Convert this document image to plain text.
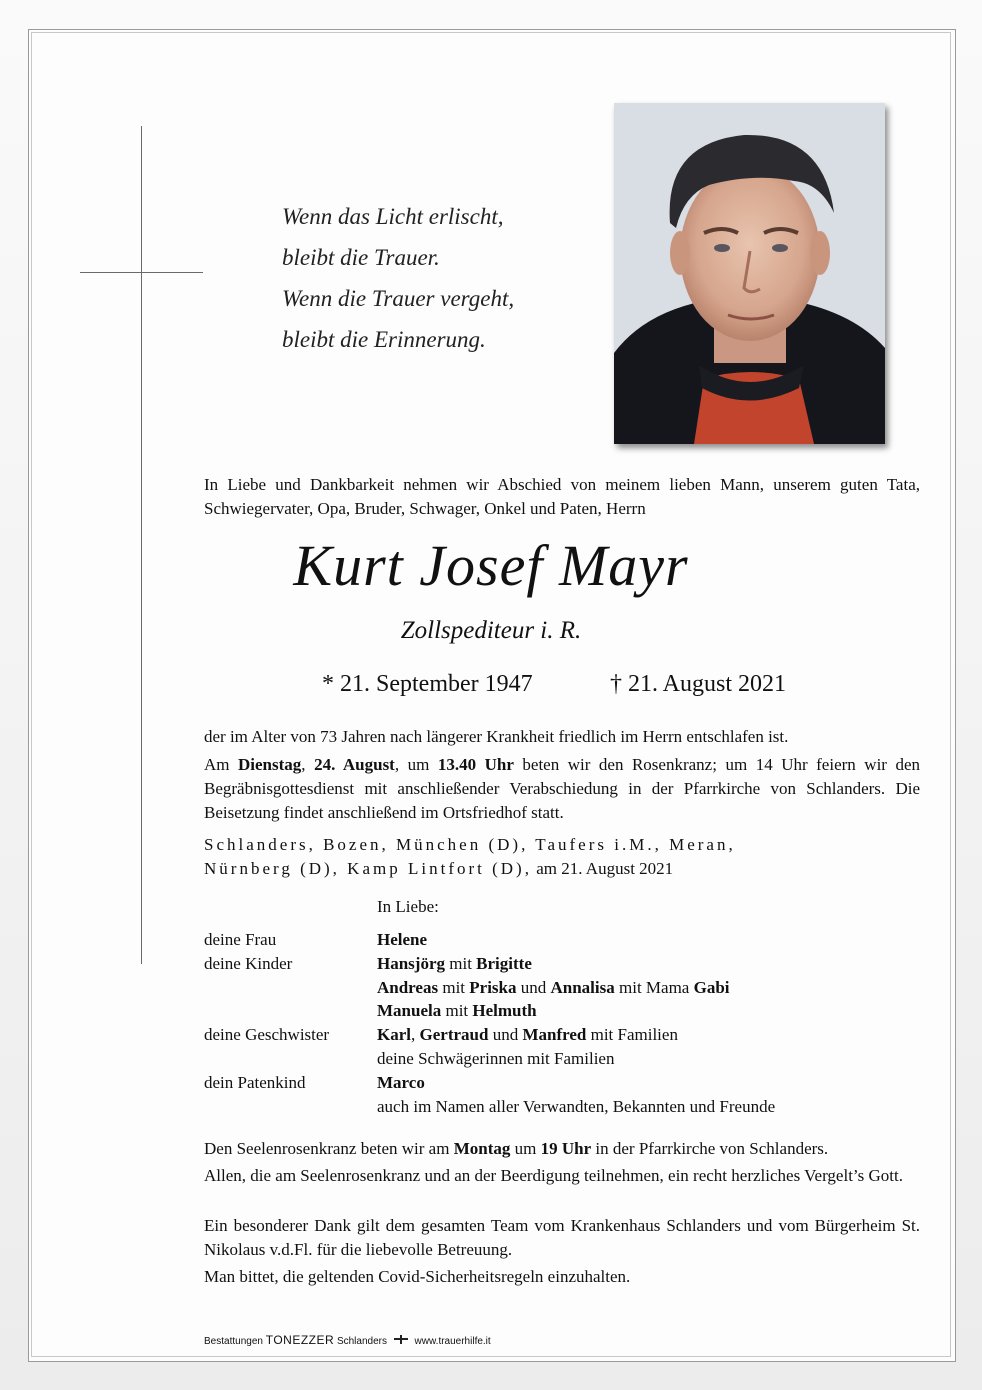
Wenn das Licht erlischt,
bleibt die Trauer.
Wenn die Trauer vergeht,
bleibt die Erinnerung.
In Liebe und Dankbarkeit nehmen wir Abschied von meinem lieben Mann, unserem guten Tata, Schwiegervater, Opa, Bruder, Schwager, Onkel und Paten, Herrn
Kurt Josef Mayr
Zollspediteur i. R.
* 21. September 1947	† 21. August 2021
der im Alter von 73 Jahren nach längerer Krankheit friedlich im Herrn entschlafen ist.
Am Dienstag, 24. August, um 13.40 Uhr beten wir den Rosenkranz; um 14 Uhr feiern wir den Begräbnisgottesdienst mit anschließender Verabschiedung in der Pfarrkirche von Schlanders. Die Beisetzung findet anschließend im Ortsfriedhof statt.
Schlanders, Bozen, München (D), Taufers i.M., Meran,
Nürnberg (D), Kamp Lintfort (D), am 21. August 2021
In Liebe:
deine Frau	Helene
deine Kinder	Hansjörg mit Brigitte
Andreas mit Priska und Annalisa mit Mama Gabi
Manuela mit Helmuth
deine Geschwister	Karl, Gertraud und Manfred mit Familien
deine Schwägerinnen mit Familien
dein Patenkind	Marco
auch im Namen aller Verwandten, Bekannten und Freunde
Den Seelenrosenkranz beten wir am Montag um 19 Uhr in der Pfarrkirche von Schlanders.
Allen, die am Seelenrosenkranz und an der Beerdigung teilnehmen, ein recht herzliches Vergelt’s Gott.
Ein besonderer Dank gilt dem gesamten Team vom Krankenhaus Schlanders und vom Bürgerheim St. Nikolaus v.d.Fl. für die liebevolle Betreuung.
Man bittet, die geltenden Covid-Sicherheitsregeln einzuhalten.
Bestattungen TONEZZER Schlanders	www.trauerhilfe.it
